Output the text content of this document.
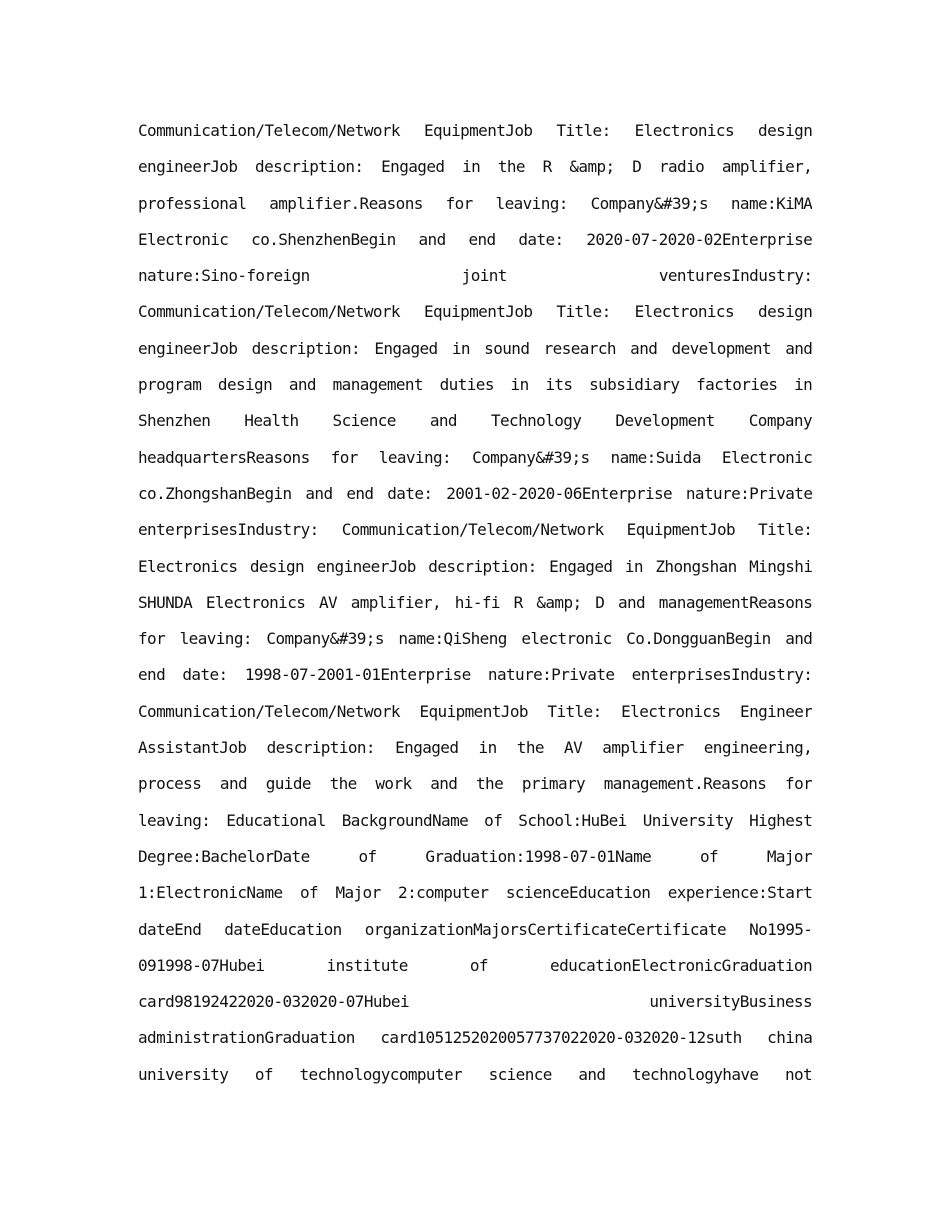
Communication/Telecom/Network EquipmentJob Title: Electronics design
engineerJob description: Engaged in the R &amp; D radio amplifier,
professional amplifier.Reasons for leaving: Company&#39;s name:KiMA
Electronic co.ShenzhenBegin and end date: 2020-07-2020-02Enterprise
nature:Sino-foreign joint venturesIndustry:
Communication/Telecom/Network EquipmentJob Title: Electronics design
engineerJob description: Engaged in sound research and development and
program design and management duties in its subsidiary factories in
Shenzhen Health Science and Technology Development Company
headquartersReasons for leaving: Company&#39;s name:Suida Electronic
co.ZhongshanBegin and end date: 2001-02-2020-06Enterprise nature:Private
enterprisesIndustry: Communication/Telecom/Network EquipmentJob Title:
Electronics design engineerJob description: Engaged in Zhongshan Mingshi
SHUNDA Electronics AV amplifier, hi-fi R &amp; D and managementReasons
for leaving: Company&#39;s name:QiSheng electronic Co.DongguanBegin and
end date: 1998-07-2001-01Enterprise nature:Private enterprisesIndustry:
Communication/Telecom/Network EquipmentJob Title: Electronics Engineer
AssistantJob description: Engaged in the AV amplifier engineering,
process and guide the work and the primary management.Reasons for
leaving: Educational BackgroundName of School:HuBei University Highest
Degree:BachelorDate of Graduation:1998-07-01Name of Major
1:ElectronicName of Major 2:computer scienceEducation experience:Start
dateEnd dateEducation organizationMajorsCertificateCertificate No1995-
091998-07Hubei institute of educationElectronicGraduation
card98192422020-032020-07Hubei universityBusiness
administrationGraduation card105125202005773702202​0-032020-12suth china
university of technologycomputer science and technologyhave not
